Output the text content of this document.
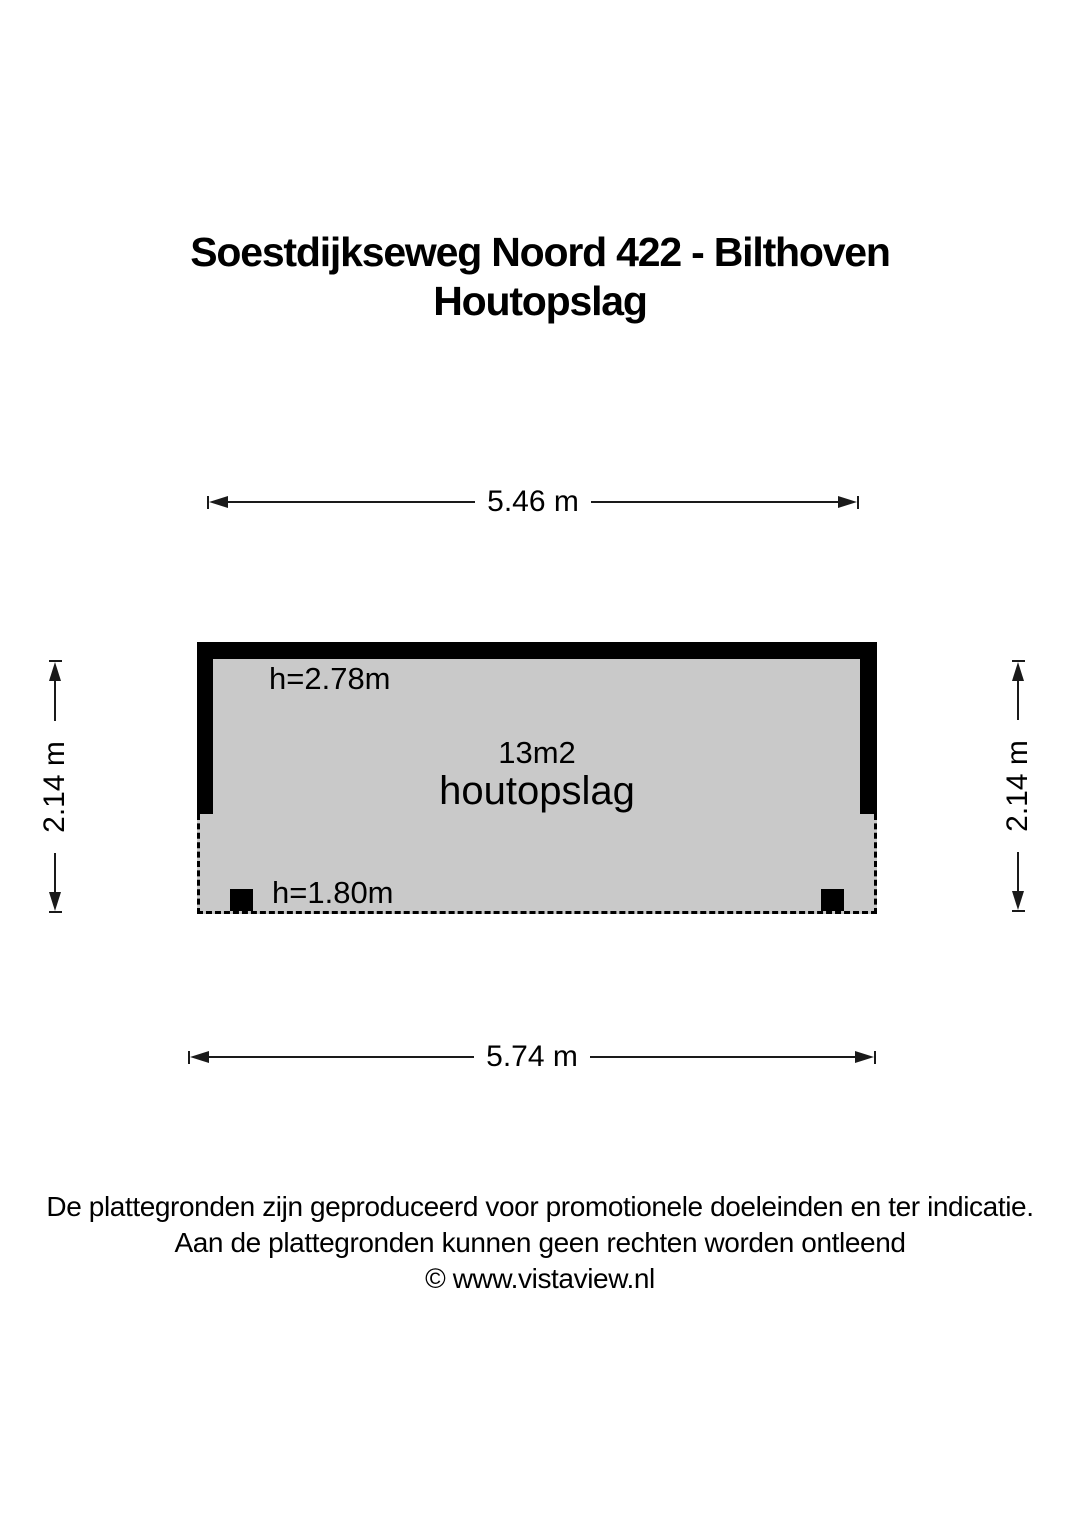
Soestdijkseweg Noord 422 - Bilthoven
Houtopslag
5.46 m
2.14 m	2.14 m
h=2.78m
13m2
houtopslag
h=1.80m
5.74 m
De plattegronden zijn geproduceerd voor promotionele doeleinden en ter indicatie.
Aan de plattegronden kunnen geen rechten worden ontleend
© www.vistaview.nl
